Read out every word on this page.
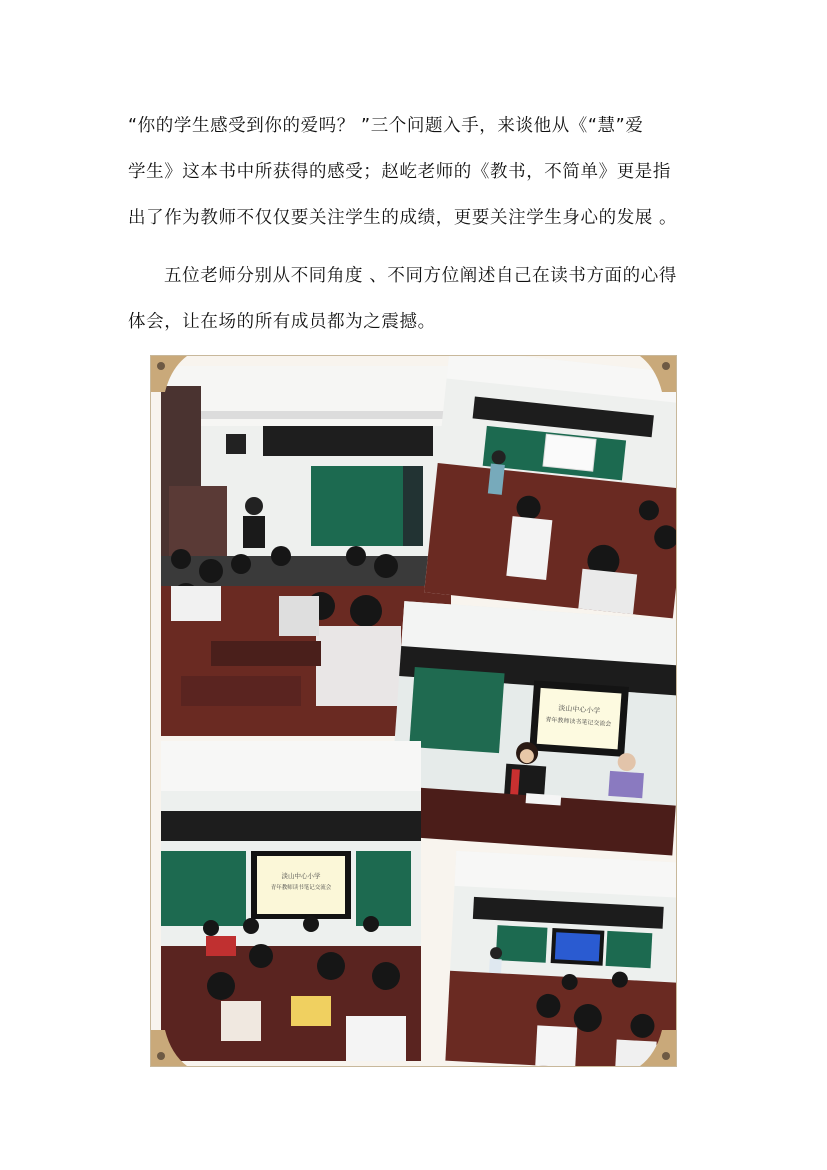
“你的学生感受到你的爱吗？ ”三个问题入手，来谈他从《“慧”爱
学生》这本书中所获得的感受；赵屹老师的《教书，不简单》更是指
出了作为教师不仅仅要关注学生的成绩，更要关注学生身心的发展 。
五位老师分别从不同角度 、不同方位阐述自己在读书方面的心得
体会，让在场的所有成员都为之震撼。
淡山中心小学
青年教师读书笔记交流会
淡山中心小学
青年教师读书笔记交流会
